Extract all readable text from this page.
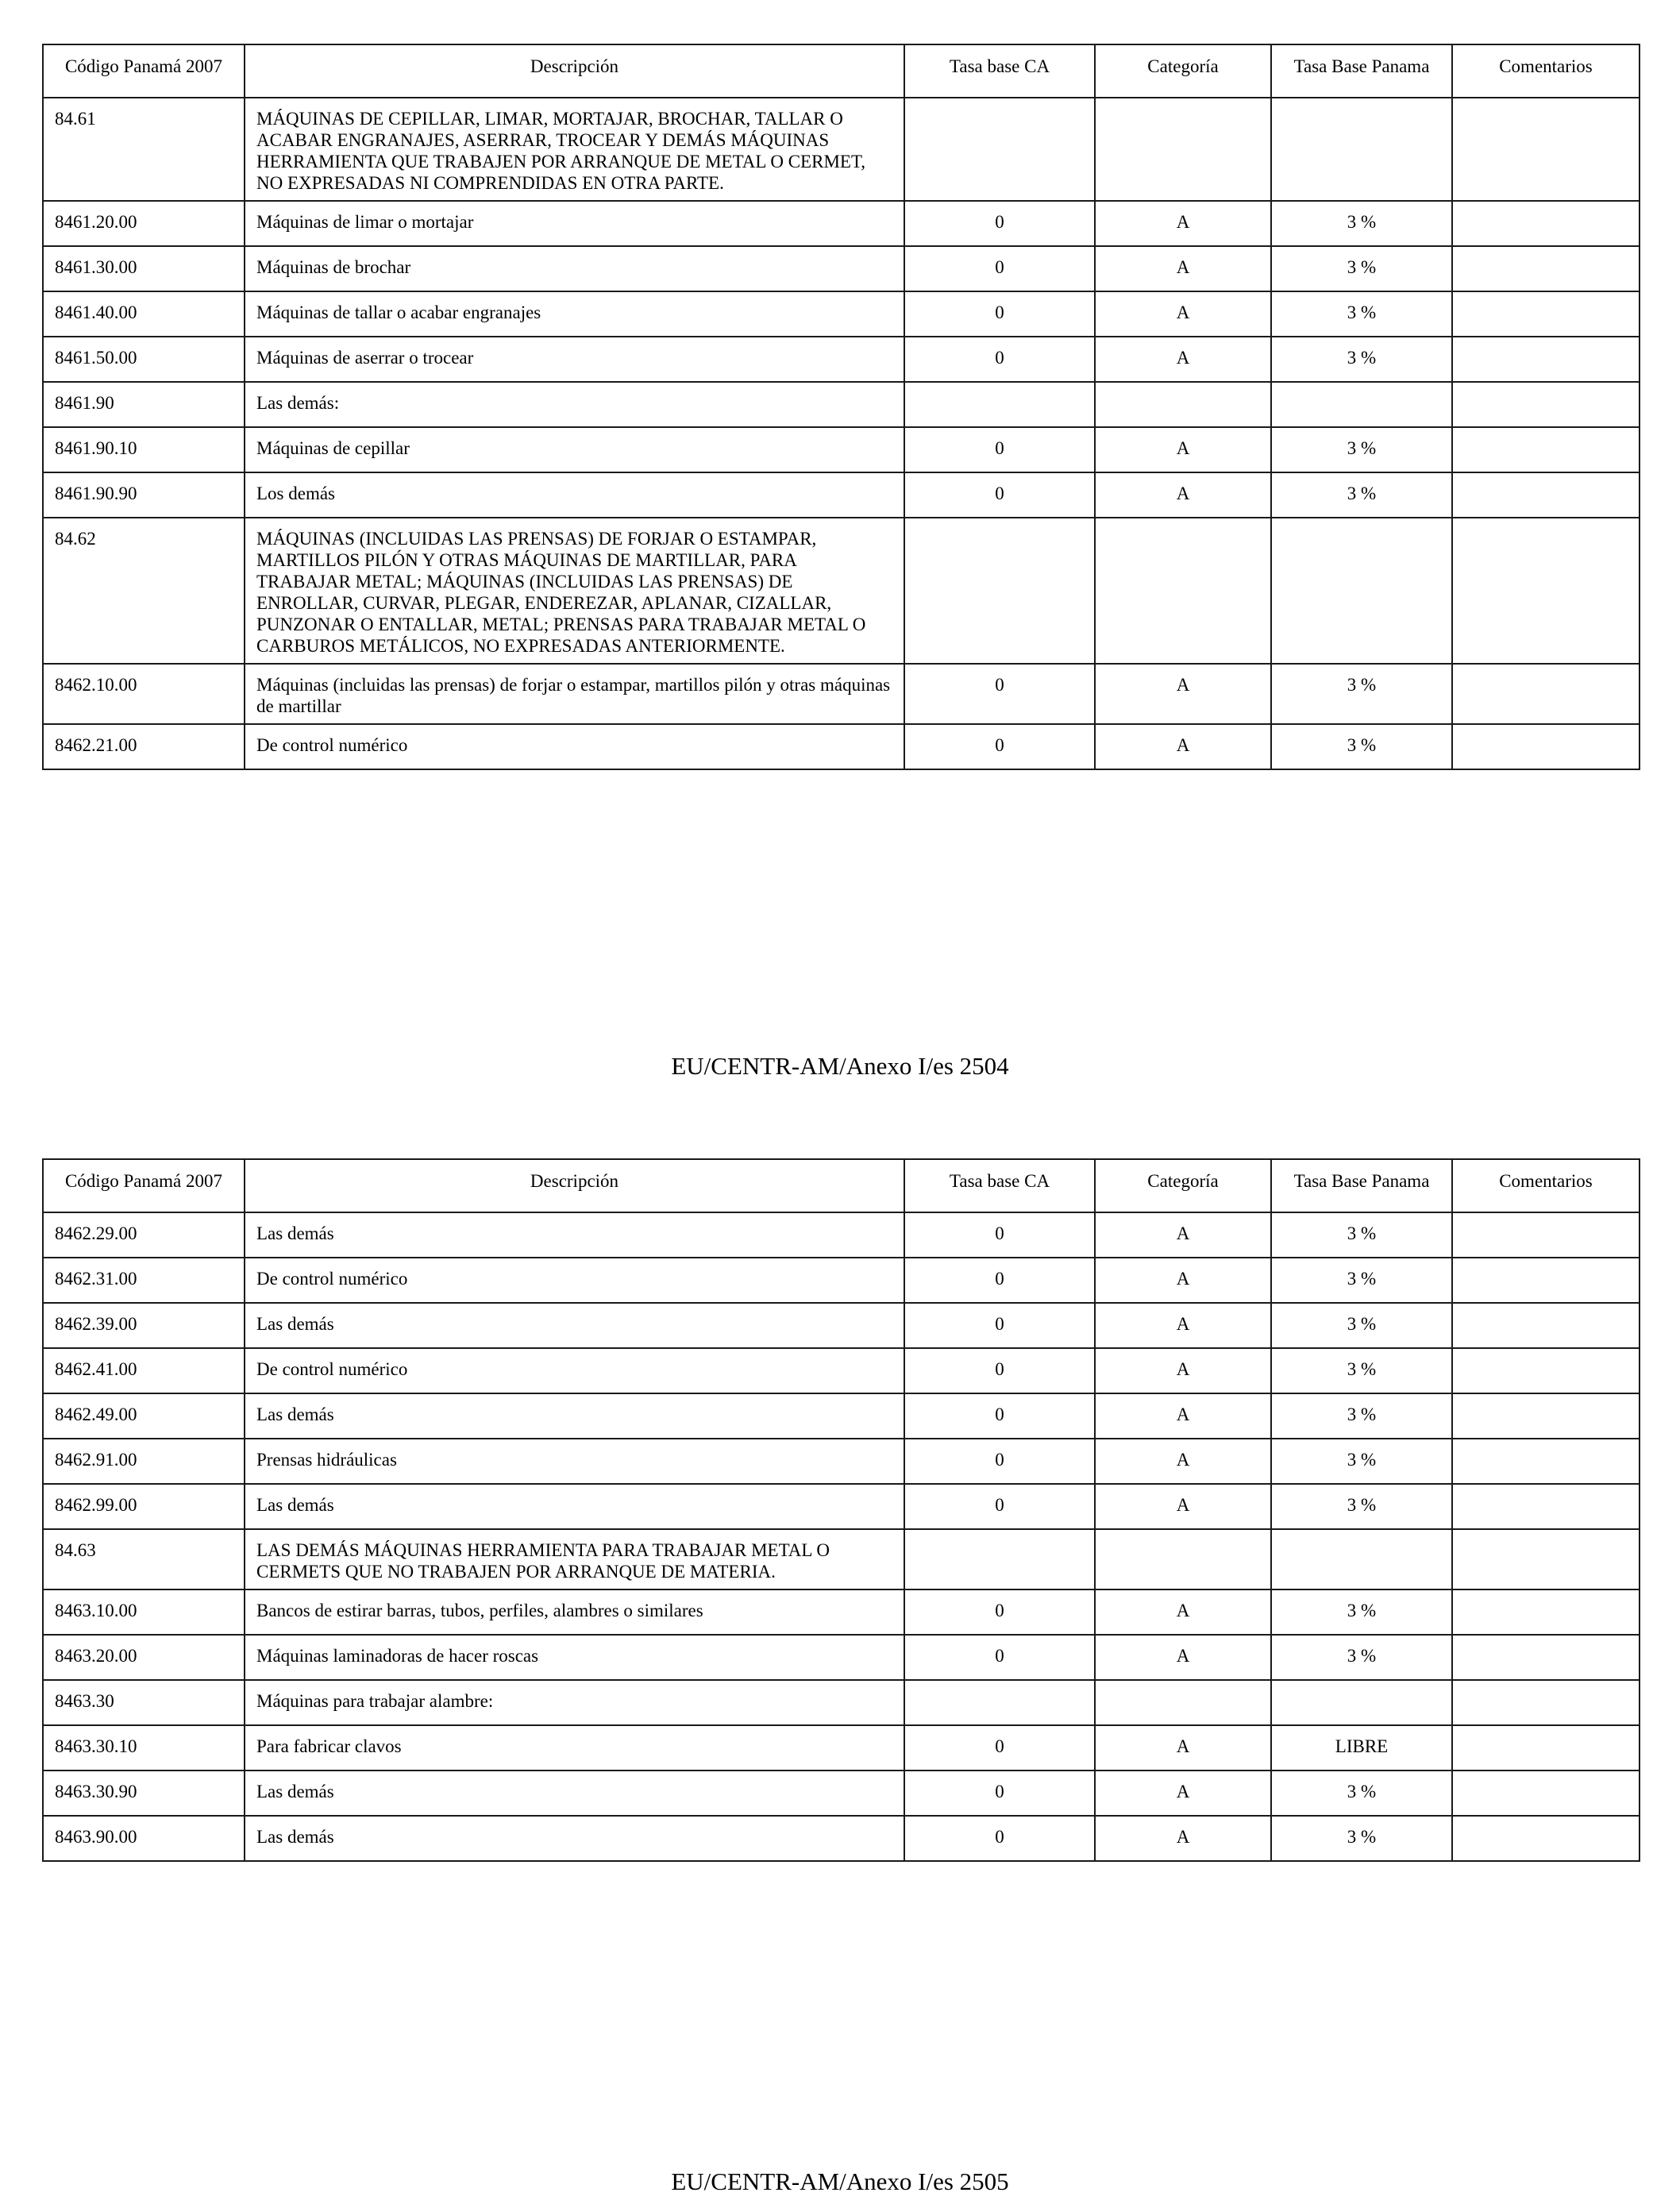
Código Panamá 2007	Descripción	Tasa base CA	Categoría	Tasa Base Panama	Comentarios
84.61	MÁQUINAS DE CEPILLAR, LIMAR, MORTAJAR, BROCHAR, TALLAR O ACABAR ENGRANAJES, ASERRAR, TROCEAR Y DEMÁS MÁQUINAS HERRAMIENTA QUE TRABAJEN POR ARRANQUE DE METAL O CERMET, NO EXPRESADAS NI COMPRENDIDAS EN OTRA PARTE.				
8461.20.00	Máquinas de limar o mortajar	0	A	3 %	
8461.30.00	Máquinas de brochar	0	A	3 %	
8461.40.00	Máquinas de tallar o acabar engranajes	0	A	3 %	
8461.50.00	Máquinas de aserrar o trocear	0	A	3 %	
8461.90	Las demás:				
8461.90.10	Máquinas de cepillar	0	A	3 %	
8461.90.90	Los demás	0	A	3 %	
84.62	MÁQUINAS (INCLUIDAS LAS PRENSAS) DE FORJAR O ESTAMPAR, MARTILLOS PILÓN Y OTRAS MÁQUINAS DE MARTILLAR, PARA TRABAJAR METAL; MÁQUINAS (INCLUIDAS LAS PRENSAS) DE ENROLLAR, CURVAR, PLEGAR, ENDEREZAR, APLANAR, CIZALLAR, PUNZONAR O ENTALLAR, METAL; PRENSAS PARA TRABAJAR METAL O CARBUROS METÁLICOS, NO EXPRESADAS ANTERIORMENTE.				
8462.10.00	Máquinas (incluidas las prensas) de forjar o estampar, martillos pilón y otras máquinas de martillar	0	A	3 %	
8462.21.00	De control numérico	0	A	3 %	
EU/CENTR-AM/Anexo I/es 2504
Código Panamá 2007	Descripción	Tasa base CA	Categoría	Tasa Base Panama	Comentarios
8462.29.00	Las demás	0	A	3 %	
8462.31.00	De control numérico	0	A	3 %	
8462.39.00	Las demás	0	A	3 %	
8462.41.00	De control numérico	0	A	3 %	
8462.49.00	Las demás	0	A	3 %	
8462.91.00	Prensas hidráulicas	0	A	3 %	
8462.99.00	Las demás	0	A	3 %	
84.63	LAS DEMÁS MÁQUINAS HERRAMIENTA PARA TRABAJAR METAL O CERMETS QUE NO TRABAJEN POR ARRANQUE DE MATERIA.				
8463.10.00	Bancos de estirar barras, tubos, perfiles, alambres o similares	0	A	3 %	
8463.20.00	Máquinas laminadoras de hacer roscas	0	A	3 %	
8463.30	Máquinas para trabajar alambre:				
8463.30.10	Para fabricar clavos	0	A	LIBRE	
8463.30.90	Las demás	0	A	3 %	
8463.90.00	Las demás	0	A	3 %	
EU/CENTR-AM/Anexo I/es 2505
